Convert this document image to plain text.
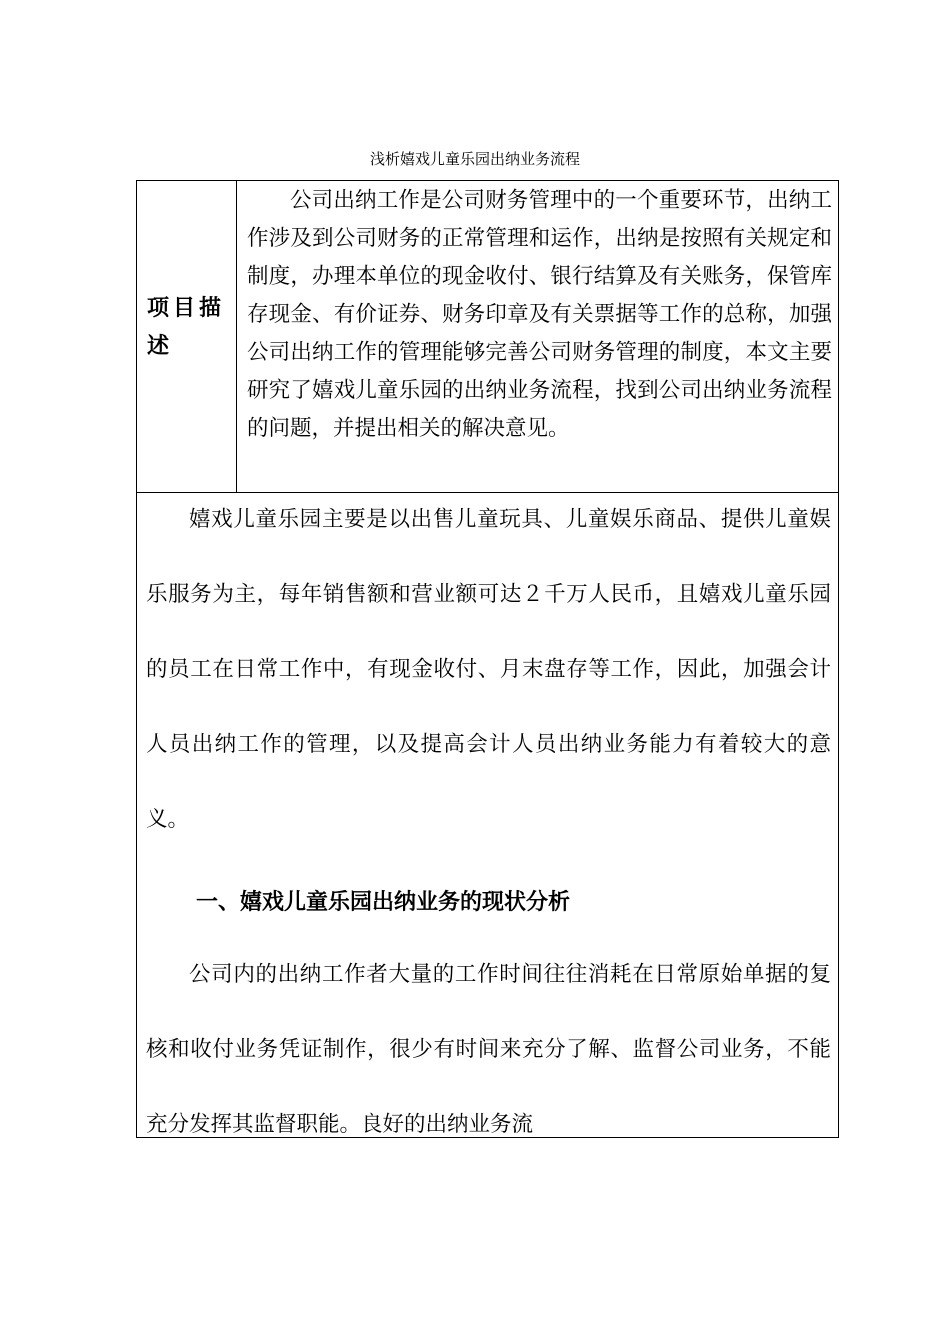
浅析嬉戏儿童乐园出纳业务流程
项目描述
公司出纳工作是公司财务管理中的一个重要环节，出纳工作涉及到公司财务的正常管理和运作，出纳是按照有关规定和制度，办理本单位的现金收付、银行结算及有关账务，保管库存现金、有价证券、财务印章及有关票据等工作的总称，加强公司出纳工作的管理能够完善公司财务管理的制度，本文主要研究了嬉戏儿童乐园的出纳业务流程，找到公司出纳业务流程的问题，并提出相关的解决意见。
嬉戏儿童乐园主要是以出售儿童玩具、儿童娱乐商品、提供儿童娱乐服务为主，每年销售额和营业额可达２千万人民币，且嬉戏儿童乐园的员工在日常工作中，有现金收付、月末盘存等工作，因此，加强会计人员出纳工作的管理，以及提高会计人员出纳业务能力有着较大的意义。
一、嬉戏儿童乐园出纳业务的现状分析
公司内的出纳工作者大量的工作时间往往消耗在日常原始单据的复核和收付业务凭证制作，很少有时间来充分了解、监督公司业务，不能充分发挥其监督职能。良好的出纳业务流
